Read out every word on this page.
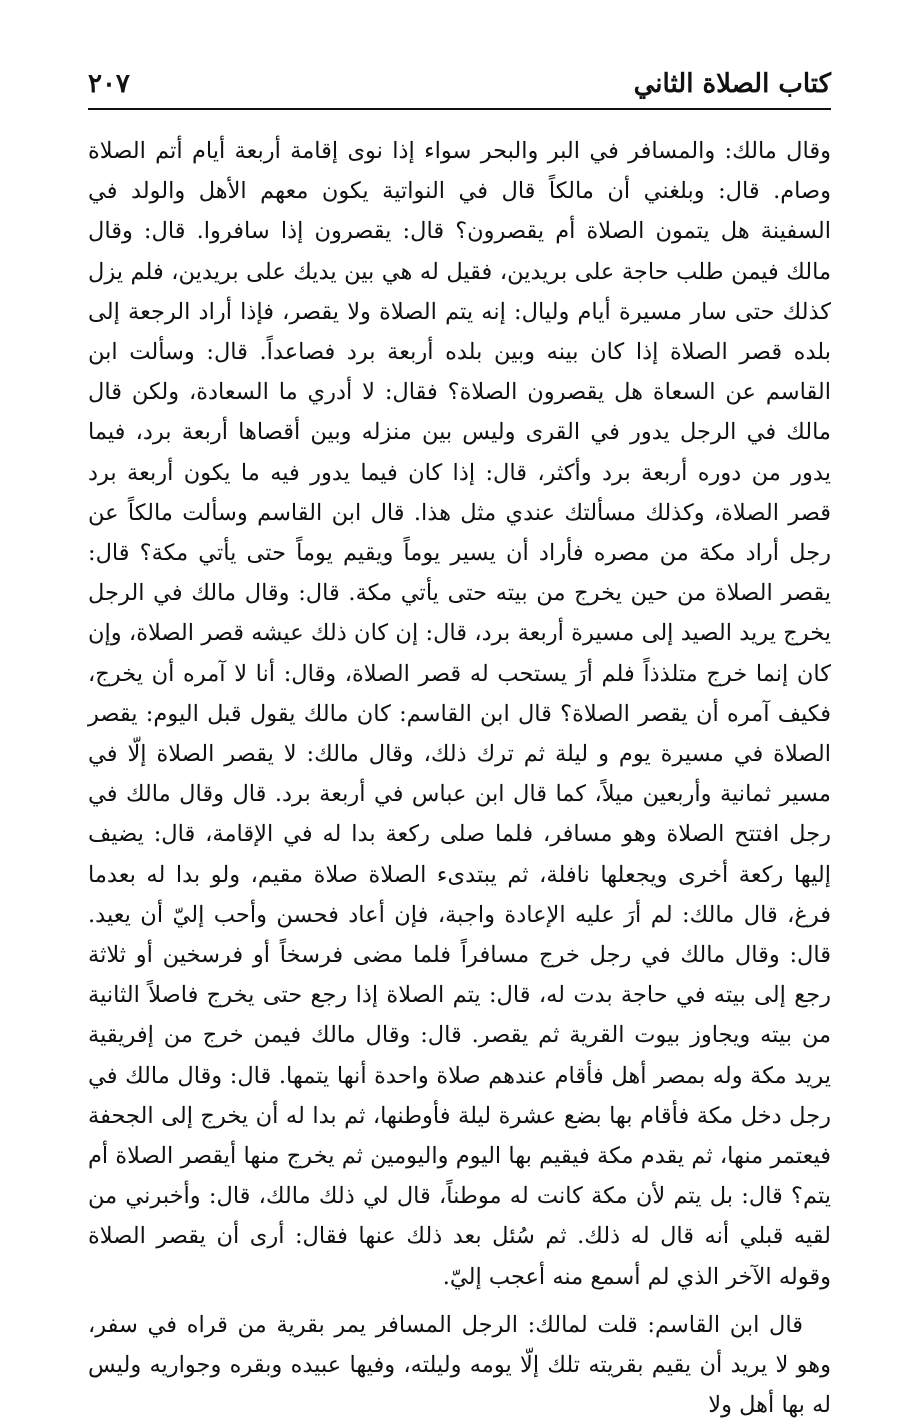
كتاب الصلاة الثاني
٢٠٧

وقال مالك: والمسافر في البر والبحر سواء إذا نوى إقامة أربعة أيام أتم الصلاة وصام. قال: وبلغني أن مالكاً قال في النواتية يكون معهم الأهل والولد في السفينة هل يتمون الصلاة أم يقصرون؟ قال: يقصرون إذا سافروا. قال: وقال مالك فيمن طلب حاجة على بريدين، فقيل له هي بين يديك على بريدين، فلم يزل كذلك حتى سار مسيرة أيام وليال: إنه يتم الصلاة ولا يقصر، فإذا أراد الرجعة إلى بلده قصر الصلاة إذا كان بينه وبين بلده أربعة برد فصاعداً. قال: وسألت ابن القاسم عن السعاة هل يقصرون الصلاة؟ فقال: لا أدري ما السعادة، ولكن قال مالك في الرجل يدور في القرى وليس بين منزله وبين أقصاها أربعة برد، فيما يدور من دوره أربعة برد وأكثر، قال: إذا كان فيما يدور فيه ما يكون أربعة برد قصر الصلاة، وكذلك مسألتك عندي مثل هذا. قال ابن القاسم وسألت مالكاً عن رجل أراد مكة من مصره فأراد أن يسير يوماً ويقيم يوماً حتى يأتي مكة؟ قال: يقصر الصلاة من حين يخرج من بيته حتى يأتي مكة. قال: وقال مالك في الرجل يخرج يريد الصيد إلى مسيرة أربعة برد، قال: إن كان ذلك عيشه قصر الصلاة، وإن كان إنما خرج متلذذاً فلم أرَ يستحب له قصر الصلاة، وقال: أنا لا آمره أن يخرج، فكيف آمره أن يقصر الصلاة؟ قال ابن القاسم: كان مالك يقول قبل اليوم: يقصر الصلاة في مسيرة يوم و ليلة ثم ترك ذلك، وقال مالك: لا يقصر الصلاة إلّا في مسير ثمانية وأربعين ميلاً، كما قال ابن عباس في أربعة برد. قال وقال مالك في رجل افتتح الصلاة وهو مسافر، فلما صلى ركعة بدا له في الإقامة، قال: يضيف إليها ركعة أخرى ويجعلها نافلة، ثم يبتدىء الصلاة صلاة مقيم، ولو بدا له بعدما فرغ، قال مالك: لم أرَ عليه الإعادة واجبة، فإن أعاد فحسن وأحب إليّ أن يعيد. قال: وقال مالك في رجل خرج مسافراً فلما مضى فرسخاً أو فرسخين أو ثلاثة رجع إلى بيته في حاجة بدت له، قال: يتم الصلاة إذا رجع حتى يخرج فاصلاً الثانية من بيته ويجاوز بيوت القرية ثم يقصر. قال: وقال مالك فيمن خرج من إفريقية يريد مكة وله بمصر أهل فأقام عندهم صلاة واحدة أنها يتمها. قال: وقال مالك في رجل دخل مكة فأقام بها بضع عشرة ليلة فأوطنها، ثم بدا له أن يخرج إلى الجحفة فيعتمر منها، ثم يقدم مكة فيقيم بها اليوم واليومين ثم يخرج منها أيقصر الصلاة أم يتم؟ قال: بل يتم لأن مكة كانت له موطناً، قال لي ذلك مالك، قال: وأخبرني من لقيه قبلي أنه قال له ذلك. ثم سُئل بعد ذلك عنها فقال: أرى أن يقصر الصلاة وقوله الآخر الذي لم أسمع منه أعجب إليّ.

قال ابن القاسم: قلت لمالك: الرجل المسافر يمر بقرية من قراه في سفر، وهو لا يريد أن يقيم بقريته تلك إلّا يومه وليلته، وفيها عبيده وبقره وجواريه وليس له بها أهل ولا
